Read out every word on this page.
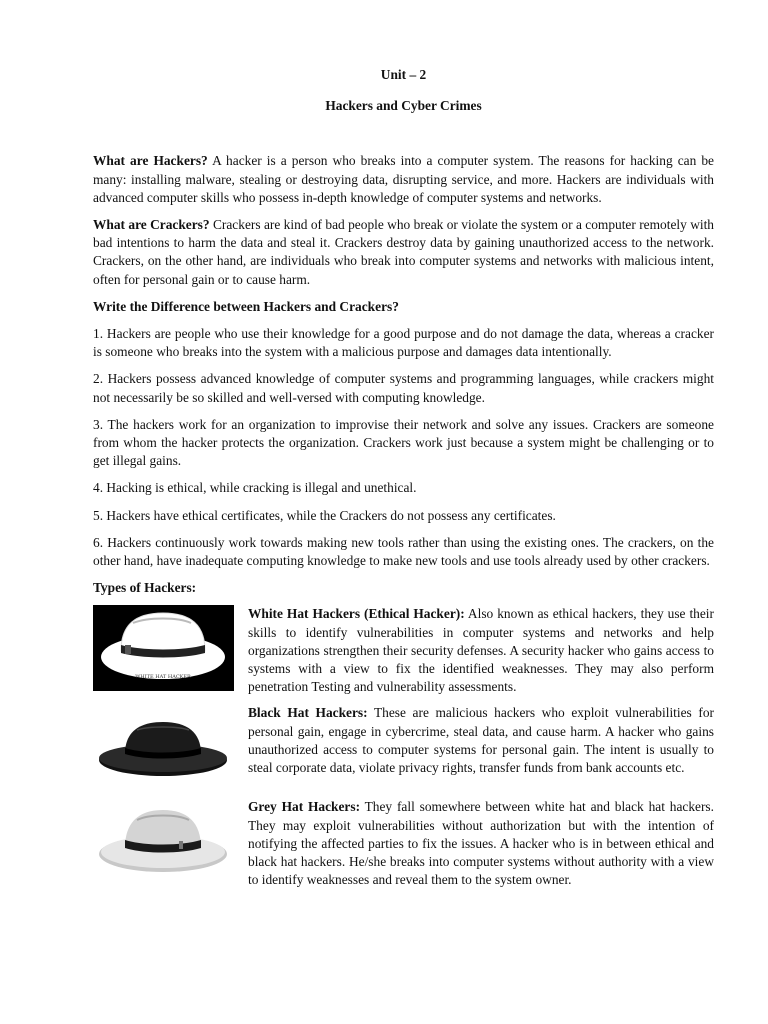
Unit – 2
Hackers and Cyber Crimes

What are Hackers? A hacker is a person who breaks into a computer system. The reasons for hacking can be many: installing malware, stealing or destroying data, disrupting service, and more. Hackers are individuals with advanced computer skills who possess in-depth knowledge of computer systems and networks.

What are Crackers? Crackers are kind of bad people who break or violate the system or a computer remotely with bad intentions to harm the data and steal it. Crackers destroy data by gaining unauthorized access to the network. Crackers, on the other hand, are individuals who break into computer systems and networks with malicious intent, often for personal gain or to cause harm.

Write the Difference between Hackers and Crackers?

1. Hackers are people who use their knowledge for a good purpose and do not damage the data, whereas a cracker is someone who breaks into the system with a malicious purpose and damages data intentionally.

2. Hackers possess advanced knowledge of computer systems and programming languages, while crackers might not necessarily be so skilled and well-versed with computing knowledge.

3. The hackers work for an organization to improvise their network and solve any issues. Crackers are someone from whom the hacker protects the organization. Crackers work just because a system might be challenging or to get illegal gains.

4. Hacking is ethical, while cracking is illegal and unethical.

5. Hackers have ethical certificates, while the Crackers do not possess any certificates.

6. Hackers continuously work towards making new tools rather than using the existing ones. The crackers, on the other hand, have inadequate computing knowledge to make new tools and use tools already used by other crackers.

Types of Hackers:

WHITE HAT HACKER

White Hat Hackers (Ethical Hacker): Also known as ethical hackers, they use their skills to identify vulnerabilities in computer systems and networks and help organizations strengthen their security defenses. A security hacker who gains access to systems with a view to fix the identified weaknesses. They may also perform penetration Testing and vulnerability assessments.

Black Hat Hackers: These are malicious hackers who exploit vulnerabilities for personal gain, engage in cybercrime, steal data, and cause harm. A hacker who gains unauthorized access to computer systems for personal gain. The intent is usually to steal corporate data, violate privacy rights, transfer funds from bank accounts etc.

Grey Hat Hackers: They fall somewhere between white hat and black hat hackers. They may exploit vulnerabilities without authorization but with the intention of notifying the affected parties to fix the issues. A hacker who is in between ethical and black hat hackers. He/she breaks into computer systems without authority with a view to identify weaknesses and reveal them to the system owner.
